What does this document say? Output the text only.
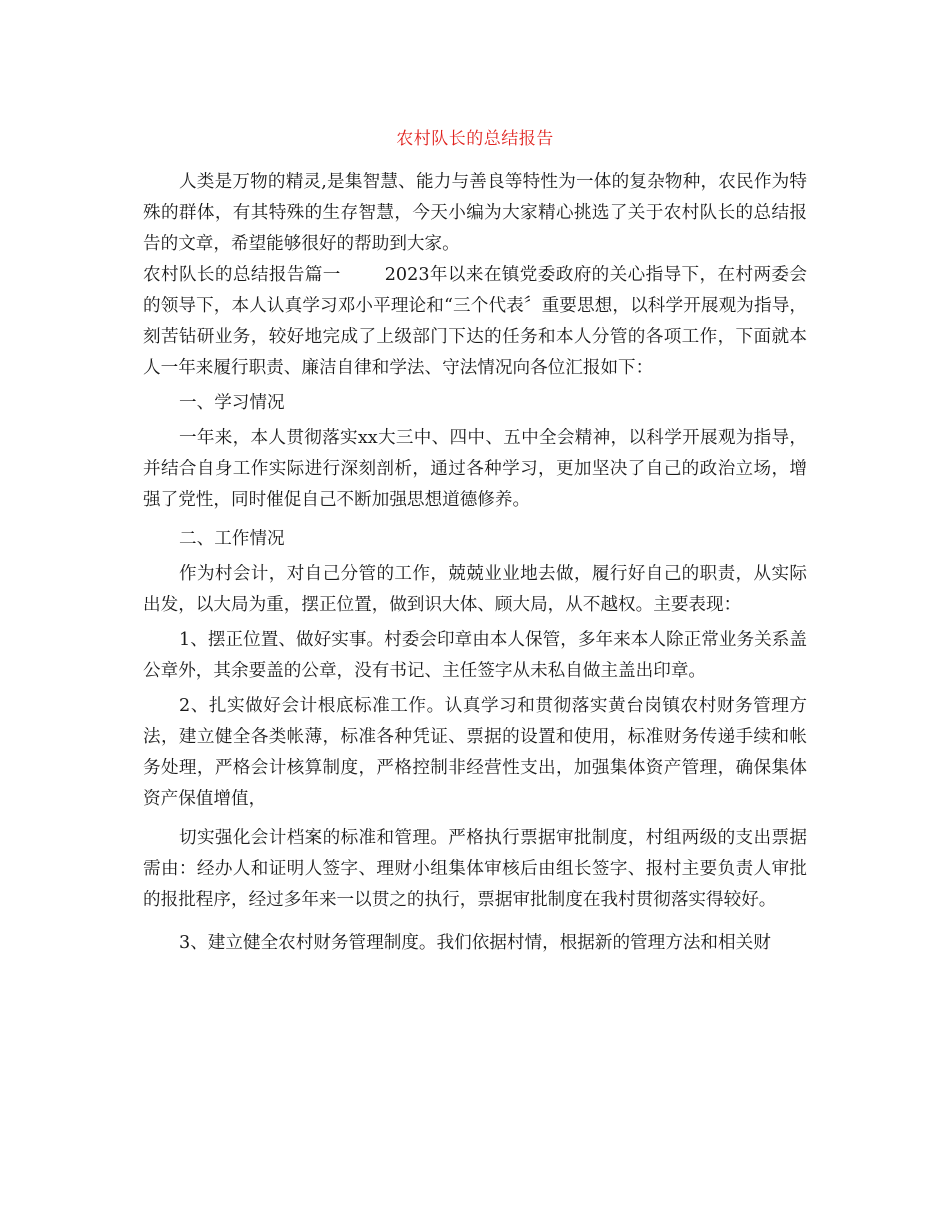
农村队长的总结报告

人类是万物的精灵,是集智慧、能力与善良等特性为一体的复杂物种，农民作为特殊的群体，有其特殊的生存智慧，今天小编为大家精心挑选了关于农村队长的总结报告的文章，希望能够很好的帮助到大家。

农村队长的总结报告篇一	2023年以来在镇党委政府的关心指导下，在村两委会的领导下，本人认真学习邓小平理论和“三个代表〞重要思想，以科学开展观为指导，刻苦钻研业务，较好地完成了上级部门下达的任务和本人分管的各项工作，下面就本人一年来履行职责、廉洁自律和学法、守法情况向各位汇报如下：

一、学习情况

一年来，本人贯彻落实xx大三中、四中、五中全会精神，以科学开展观为指导，并结合自身工作实际进行深刻剖析，通过各种学习，更加坚决了自己的政治立场，增强了党性，同时催促自己不断加强思想道德修养。

二、工作情况

作为村会计，对自己分管的工作，兢兢业业地去做，履行好自己的职责，从实际出发，以大局为重，摆正位置，做到识大体、顾大局，从不越权。主要表现：

1、摆正位置、做好实事。村委会印章由本人保管，多年来本人除正常业务关系盖公章外，其余要盖的公章，没有书记、主任签字从未私自做主盖出印章。

2、扎实做好会计根底标准工作。认真学习和贯彻落实黄台岗镇农村财务管理方法，建立健全各类帐薄，标准各种凭证、票据的设置和使用，标准财务传递手续和帐务处理，严格会计核算制度，严格控制非经营性支出，加强集体资产管理，确保集体资产保值增值，

切实强化会计档案的标准和管理。严格执行票据审批制度，村组两级的支出票据需由：经办人和证明人签字、理财小组集体审核后由组长签字、报村主要负责人审批的报批程序，经过多年来一以贯之的执行，票据审批制度在我村贯彻落实得较好。

3、建立健全农村财务管理制度。我们依据村情，根据新的管理方法和相关财
